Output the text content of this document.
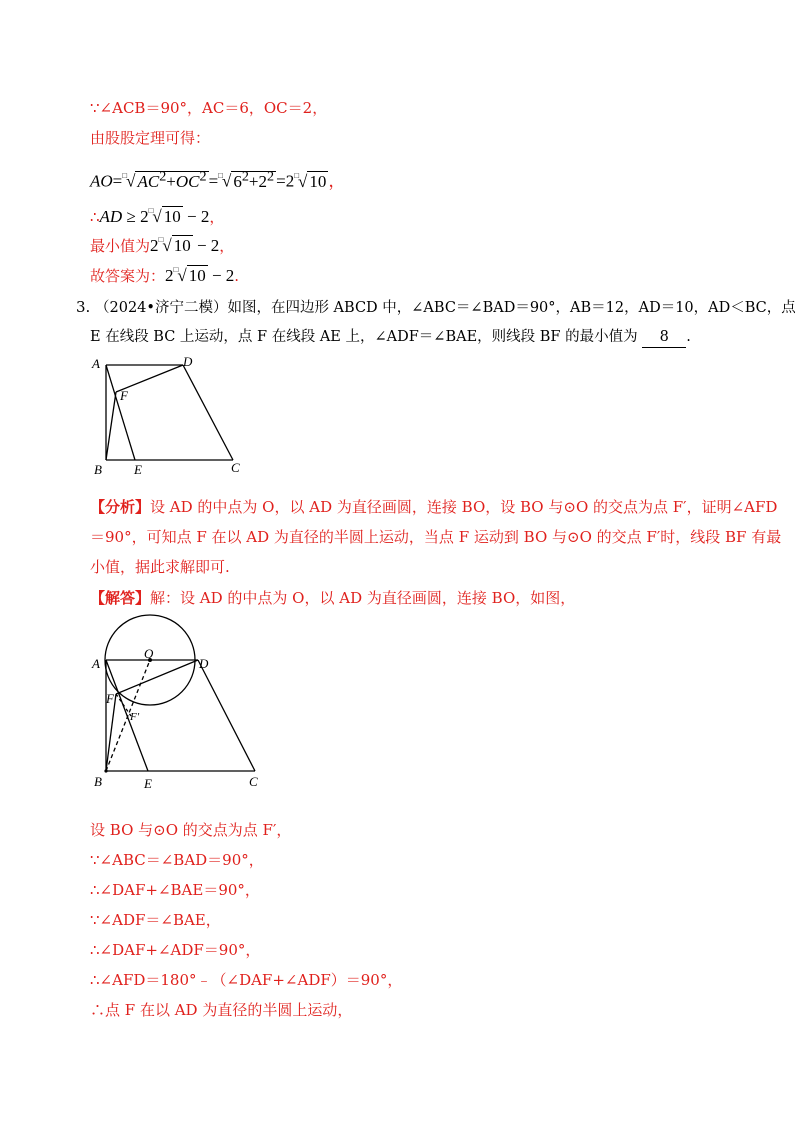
∵∠ACB＝90°，AC＝6，OC＝2，
由股股定理可得：
AO=□√ $AC^2+OC^2 =^□√$ $6^2+2^2 =2^□√$ 10 ，
∴AD ≥ 2□√ 10 − 2，
最小值为2□√ 10 − 2，
故答案为：2□√ 10 − 2.
3. （2024•济宁二模）如图，在四边形 ABCD 中，∠ABC＝∠BAD＝90°，AB＝12，AD＝10，AD＜BC，点
E 在线段 BC 上运动，点 F 在线段 AE 上，∠ADF＝∠BAE，则线段 BF 的最小值为 8 .
A	D
F
B E	C
【分析】设 AD 的中点为 O，以 AD 为直径画圆，连接 BO，设 BO 与⊙O 的交点为点 F′，证明∠AFD
＝90°，可知点 F 在以 AD 为直径的半圆上运动，当点 F 运动到 BO 与⊙O 的交点 F′时，线段 BF 有最
小值，据此求解即可.
【解答】解：设 AD 的中点为 O，以 AD 为直径画圆，连接 BO，如图，
O
A	D
F
F′
B	E	C
设 BO 与⊙O 的交点为点 F′，
∵∠ABC＝∠BAD＝90°，
∴∠DAF+∠BAE＝90°，
∵∠ADF＝∠BAE，
∴∠DAF+∠ADF＝90°，
∴∠AFD＝180°﹣（∠DAF+∠ADF）＝90°，
∴点 F 在以 AD 为直径的半圆上运动，
